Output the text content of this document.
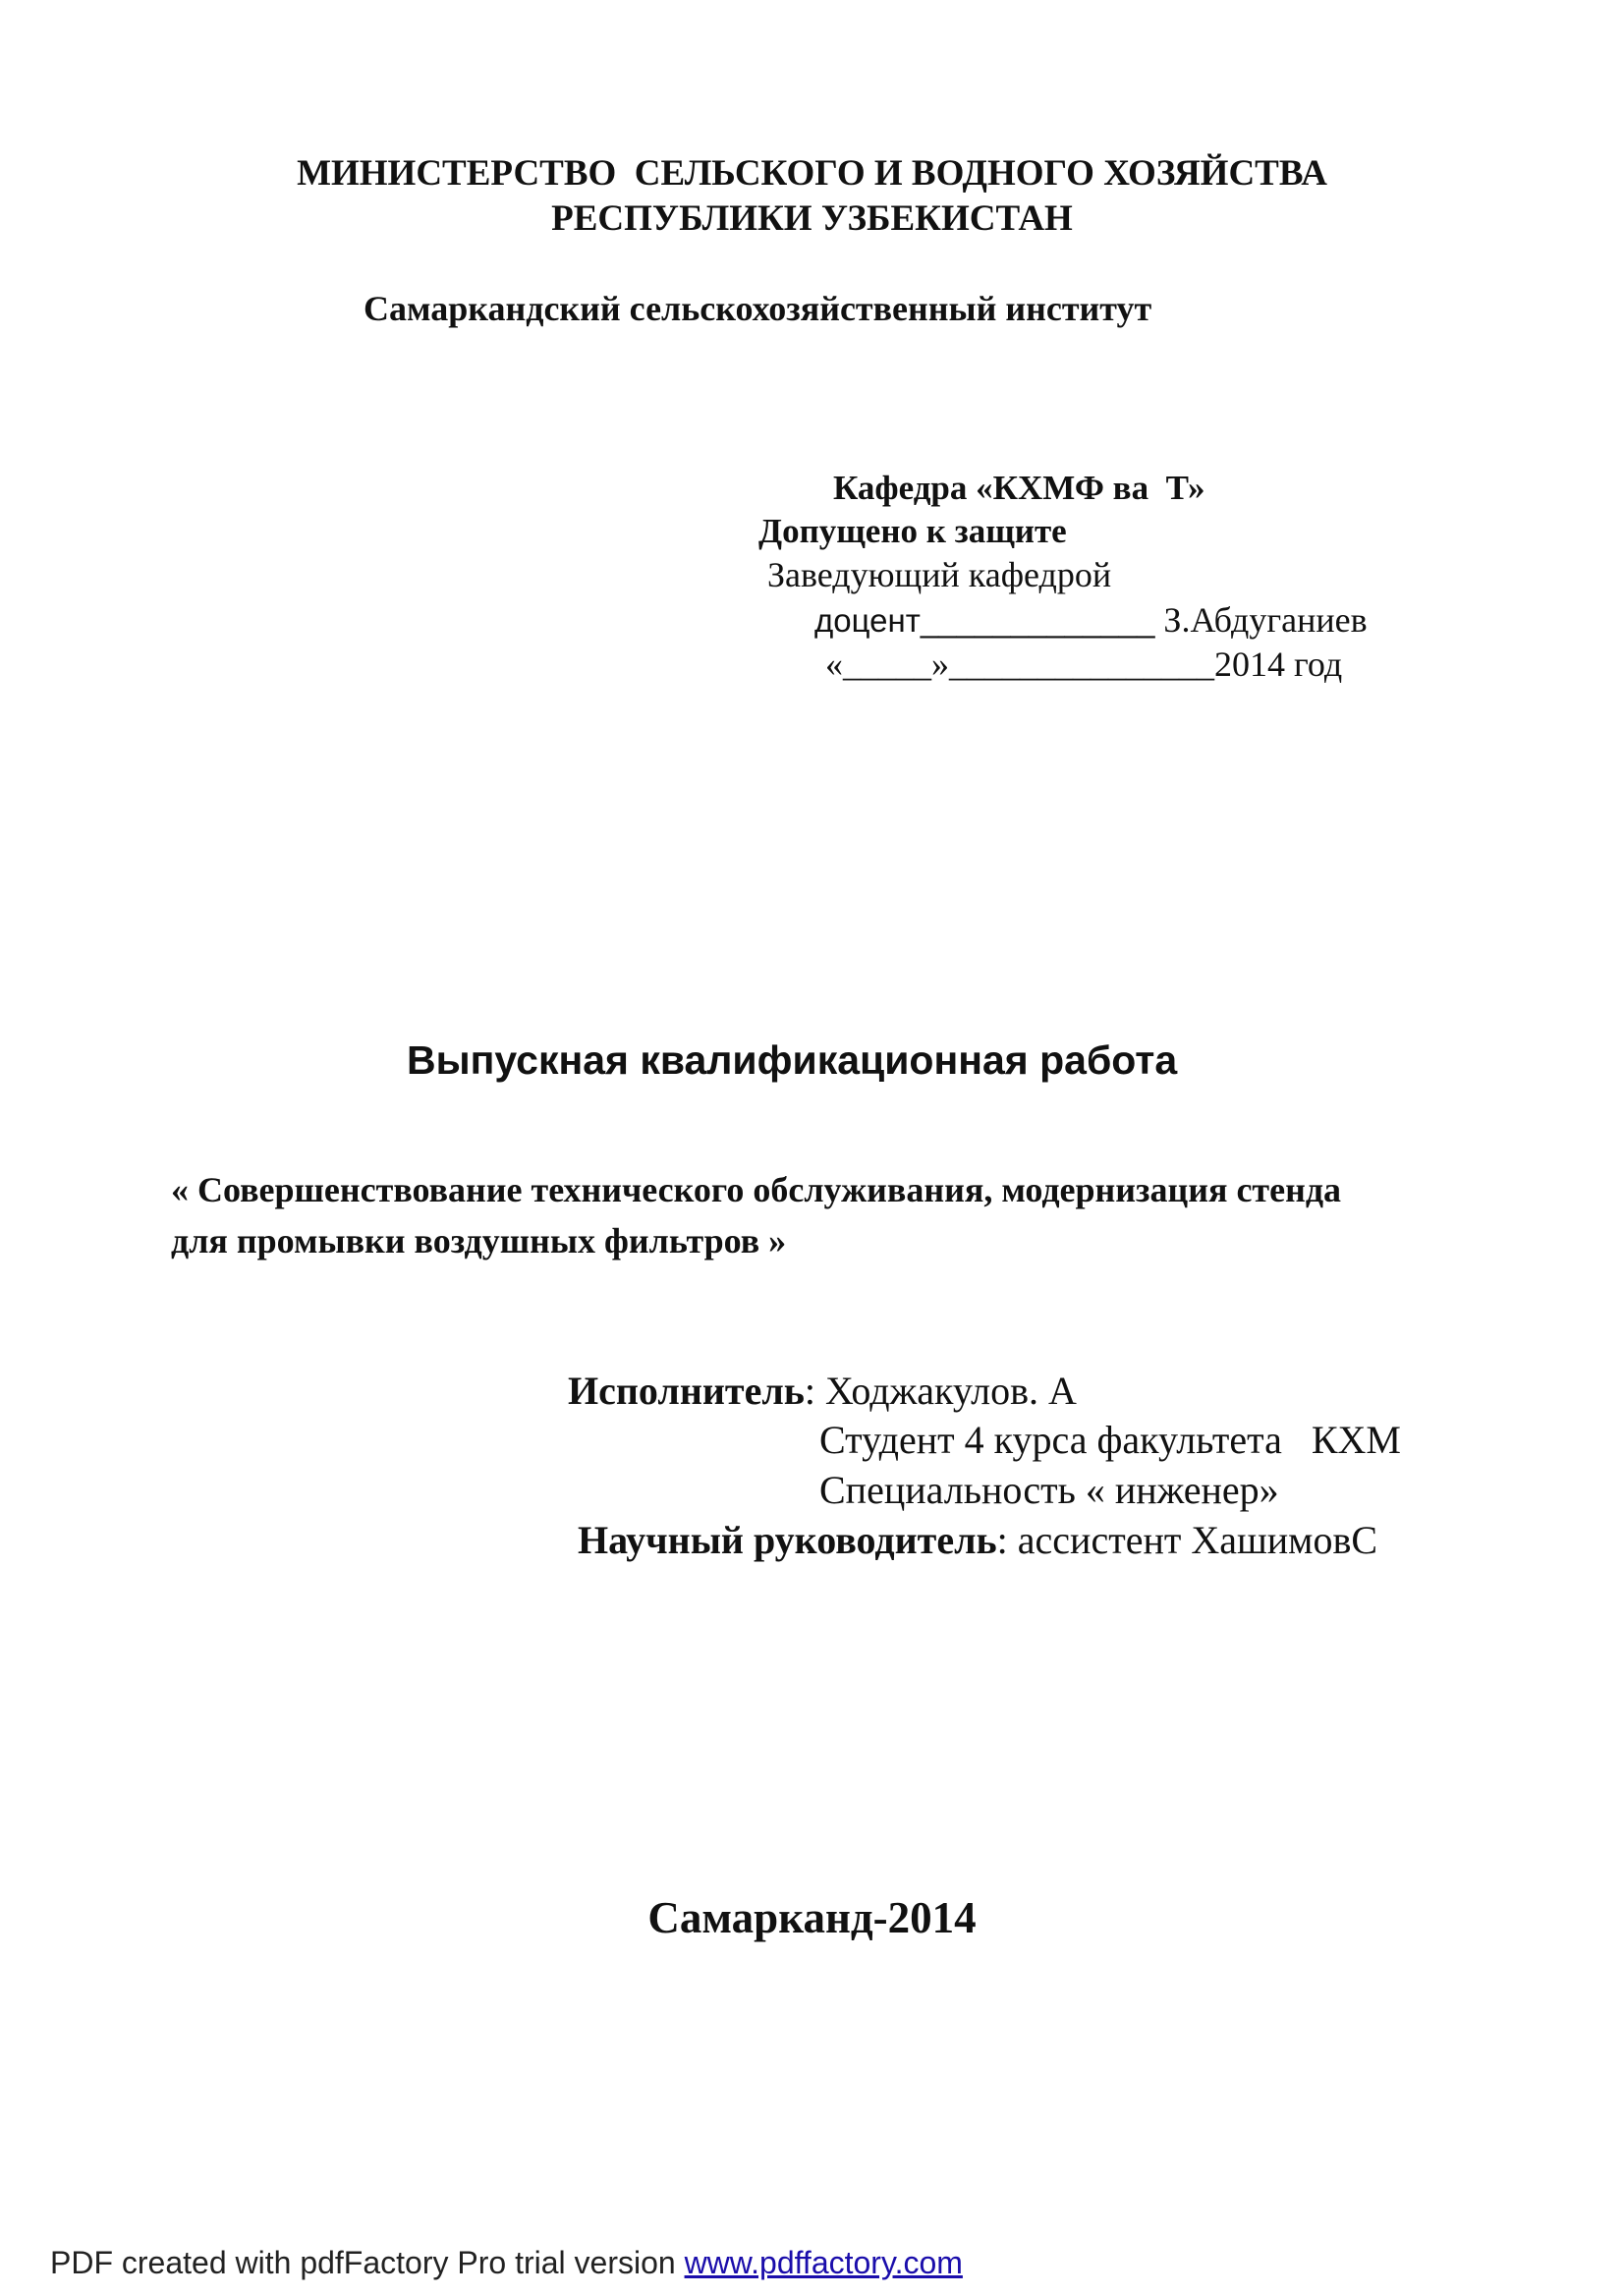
МИНИСТЕРСТВО  СЕЛЬСКОГО И ВОДНОГО ХОЗЯЙСТВА
РЕСПУБЛИКИ УЗБЕКИСТАН
Самаркандский сельскохозяйственный институт
Кафедра «КХМФ ва  Т»
Допущено к защите
Заведующий кафедрой
доцент_____________ З.Абдуганиев
«_____»_______________2014 год
Выпускная квалификационная работа
« Совершенствование технического обслуживания, модернизация стенда
для промывки воздушных фильтров »
Исполнитель: Ходжакулов. А
Студент 4 курса факультета   КХМ
Специальность « инженер»
Научный руководитель: ассистент ХашимовС
Самарканд-2014
PDF created with pdfFactory Pro trial version www.pdffactory.com
